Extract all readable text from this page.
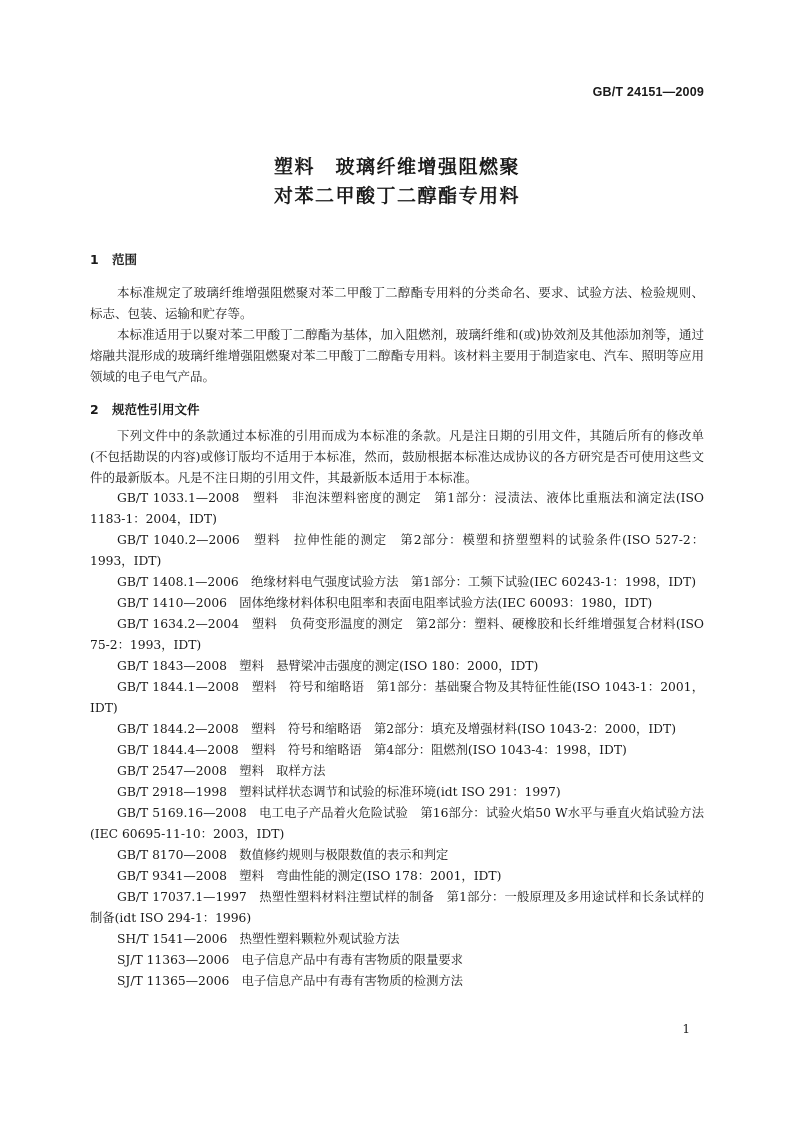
GB/T 24151—2009
塑料　玻璃纤维增强阻燃聚
对苯二甲酸丁二醇酯专用料
1 范围

本标准规定了玻璃纤维增强阻燃聚对苯二甲酸丁二醇酯专用料的分类命名、要求、试验方法、检验规则、标志、包装、运输和贮存等。

本标准适用于以聚对苯二甲酸丁二醇酯为基体，加入阻燃剂，玻璃纤维和(或)协效剂及其他添加剂等，通过熔融共混形成的玻璃纤维增强阻燃聚对苯二甲酸丁二醇酯专用料。该材料主要用于制造家电、汽车、照明等应用领域的电子电气产品。

2 规范性引用文件

下列文件中的条款通过本标准的引用而成为本标准的条款。凡是注日期的引用文件，其随后所有的修改单(不包括勘误的内容)或修订版均不适用于本标准，然而，鼓励根据本标准达成协议的各方研究是否可使用这些文件的最新版本。凡是不注日期的引用文件，其最新版本适用于本标准。

GB/T 1033.1—2008　塑料　非泡沫塑料密度的测定　第1部分：浸渍法、液体比重瓶法和滴定法(ISO 1183-1：2004，IDT)
GB/T 1040.2—2006　塑料　拉伸性能的测定　第2部分：模塑和挤塑塑料的试验条件(ISO 527-2：1993，IDT)
GB/T 1408.1—2006　绝缘材料电气强度试验方法　第1部分：工频下试验(IEC 60243-1：1998，IDT)
GB/T 1410—2006　固体绝缘材料体积电阻率和表面电阻率试验方法(IEC 60093：1980，IDT)
GB/T 1634.2—2004　塑料　负荷变形温度的测定　第2部分：塑料、硬橡胶和长纤维增强复合材料(ISO 75-2：1993，IDT)
GB/T 1843—2008　塑料　悬臂梁冲击强度的测定(ISO 180：2000，IDT)
GB/T 1844.1—2008　塑料　符号和缩略语　第1部分：基础聚合物及其特征性能(ISO 1043-1：2001，IDT)
GB/T 1844.2—2008　塑料　符号和缩略语　第2部分：填充及增强材料(ISO 1043-2：2000，IDT)
GB/T 1844.4—2008　塑料　符号和缩略语　第4部分：阻燃剂(ISO 1043-4：1998，IDT)
GB/T 2547—2008　塑料　取样方法
GB/T 2918—1998　塑料试样状态调节和试验的标准环境(idt ISO 291：1997)
GB/T 5169.16—2008　电工电子产品着火危险试验　第16部分：试验火焰50 W水平与垂直火焰试验方法(IEC 60695-11-10：2003，IDT)
GB/T 8170—2008　数值修约规则与极限数值的表示和判定
GB/T 9341—2008　塑料　弯曲性能的测定(ISO 178：2001，IDT)
GB/T 17037.1—1997　热塑性塑料材料注塑试样的制备　第1部分：一般原理及多用途试样和长条试样的制备(idt ISO 294-1：1996)
SH/T 1541—2006　热塑性塑料颗粒外观试验方法
SJ/T 11363—2006　电子信息产品中有毒有害物质的限量要求
SJ/T 11365—2006　电子信息产品中有毒有害物质的检测方法
1
